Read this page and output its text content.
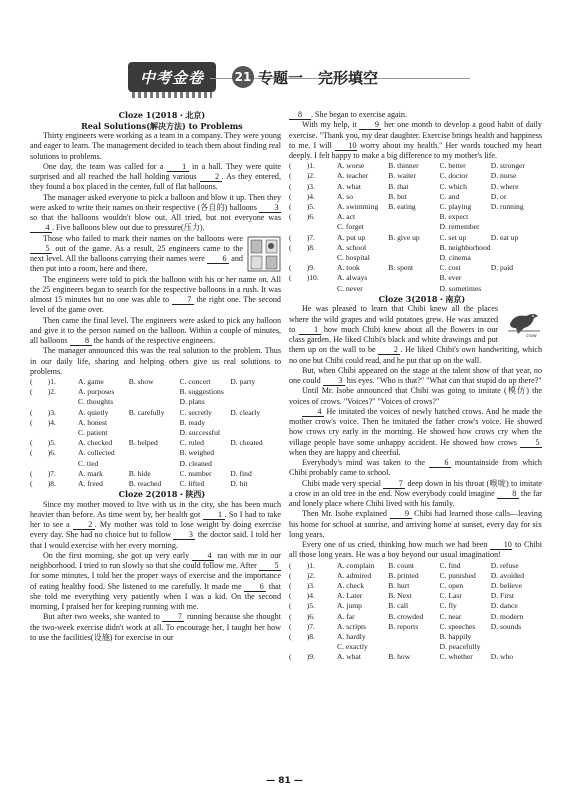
中考金卷	21 专题一　完形填空

Cloze 1(2018・北京)

Real Solutions(解决方法) to Problems

Thirty engineers were working as a team in a company. They were young and eager to learn. The management decided to teach them about finding real solutions to problems.

One day, the team was called for a 1 in a hall. They were quite surprised and all reached the hall holding various 2 . As they entered, they found a box placed in the center, full of flat balloons.

The manager asked everyone to pick a balloon and blow it up. Then they were asked to write their names on their respective (各自的) balloons 3 so that the balloons wouldn't blow out. All tried, but not everyone was 4 . Five balloons blew out due to pressure(压力).

Those who failed to mark their names on the balloons were 5 out of the game. As a result, 25 engineers came to the next level. All the balloons carrying their names were 6 and then put into a room, here and there.

The engineers were told to pick the balloon with his or her name on. All the 25 engineers began to search for the respective balloons in a rush. It was almost 15 minutes but no one was able to 7 the right one. The second level of the game over.

Then came the final level. The engineers were asked to pick any balloon and give it to the person named on the balloon. Within a couple of minutes, all balloons 8 the hands of the respective engineers.

The manager announced this was the real solution to the problem. Thus in our daily life, sharing and helping others give us real solutions to problems.

(　　)1.	A. game	B. show	C. concert	D. party
(　　)2.	A. purposes	B. suggestions
C. thoughts	D. plans
(　　)3.	A. quietly	B. carefully	C. secretly	D. clearly
(　　)4.	A. honest	B. ready
C. patient	D. successful
(　　)5.	A. checked	B. helped	C. ruled	D. cheated
(　　)6.	A. collected	B. weighed
C. tied	D. cleaned
(　　)7.	A. mark	B. hide	C. number	D. find
(　　)8.	A. freed	B. reached	C. lifted	D. hit

Cloze 2(2018・陕西)

Since my mother moved to live with us in the city, she has been much heavier than before. As time went by, her health got 1 . So I had to take her to see a 2 . My mother was told to lose weight by doing exercise every day. She had no choice but to follow 3 the doctor said. I told her that I would exercise with her every morning.

On the first morning, she got up very early 4 ran with me in our neighborhood. I tried to run slowly so that she could follow me. After 5 for some minutes, I told her the proper ways of exercise and the importance of eating healthy food. She listened to me carefully. It made me 6 that she told me everything very patiently when I was a kid. On the second morning, I praised her for keeping running with me.

But after two weeks, she wanted to 7 running because she thought the two-week exercise didn't work at all. To encourage her, I taught her how to use the facilities(设施) for exercise in our

8 . She began to exercise again.

With my help, it 9 her one month to develop a good habit of daily exercise. "Thank you, my dear daughter. Exercise brings health and happiness to me. I will 10 worry about my health." Her words touched my heart deeply. I felt happy to make a big difference to my mother's life.

(　　)1.	A. worse	B. thinner	C. better	D. stronger
(　　)2.	A. teacher	B. waiter	C. doctor	D. nurse
(　　)3.	A. what	B. that	C. which	D. where
(　　)4.	A. so	B. but	C. and	D. or
(　　)5.	A. swimming	B. eating	C. playing	D. running
(　　)6.	A. act	B. expect
C. forget	D. remember
(　　)7.	A. put up	B. give up	C. set up	D. eat up
(　　)8.	A. school	B. neighborhood
C. hospital	D. cinema
(　　)9.	A. took	B. spent	C. cost	D. paid
(　　)10.	A. always	B. ever
C. never	D. sometimes

Cloze 3(2018・南京)

crow
He was pleased to learn that Chibi knew all the places where the wild grapes and wild potatoes grew. He was amazed to 1 how much Chibi knew about all the flowers in our class garden. He liked Chibi's black and white drawings and put them up on the wall to be 2 . He liked Chibi's own handwriting, which no one but Chibi could read, and he put that up on the wall.

But, when Chibi appeared on the stage at the talent show of that year, no one could 3 his eyes. "Who is that?" "What can that stupid do up there?"

Until Mr. Isobe announced that Chibi was going to imitate (模仿) the voices of crows. "Voices?" "Voices of crows?"

4 He imitated the voices of newly hatched crows. And he made the mother crow's voice. Then he imitated the father crow's voice. He showed how crows cry early in the morning. He showed how crows cry when the village people have some unhappy accident. He showed how crows 5 when they are happy and cheerful.

Everybody's mind was taken to the 6 mountainside from which Chibi probably came to school.

Chibi made very special 7 deep down in his throat (喉咙) to imitate a crow in an old tree in the end. Now everybody could imagine 8 the far and lonely place where Chibi lived with his family.

Then Mr. Isobe explained 9 Chibi had learned those calls—leaving his home for school at sunrise, and arriving home at sunset, every day for six long years.

Every one of us cried, thinking how much we had been 10 to Chibi all those long years. He was a boy beyond our usual imagination!

(　　)1.	A. complain	B. count	C. find	D. refuse
(　　)2.	A. admired	B. printed	C. punished	D. avoided
(　　)3.	A. check	B. hurt	C. open	D. believe
(　　)4.	A. Later	B. Next	C. Last	D. First
(　　)5.	A. jump	B. call	C. fly	D. dance
(　　)6.	A. far	B. crowded	C. near	D. modern
(　　)7.	A. scripts	B. reports	C. speeches	D. sounds
(　　)8.	A. hardly	B. happily
C. exactly	D. peacefully
(　　)9.	A. what	B. how	C. whether	D. who
— 81 —
